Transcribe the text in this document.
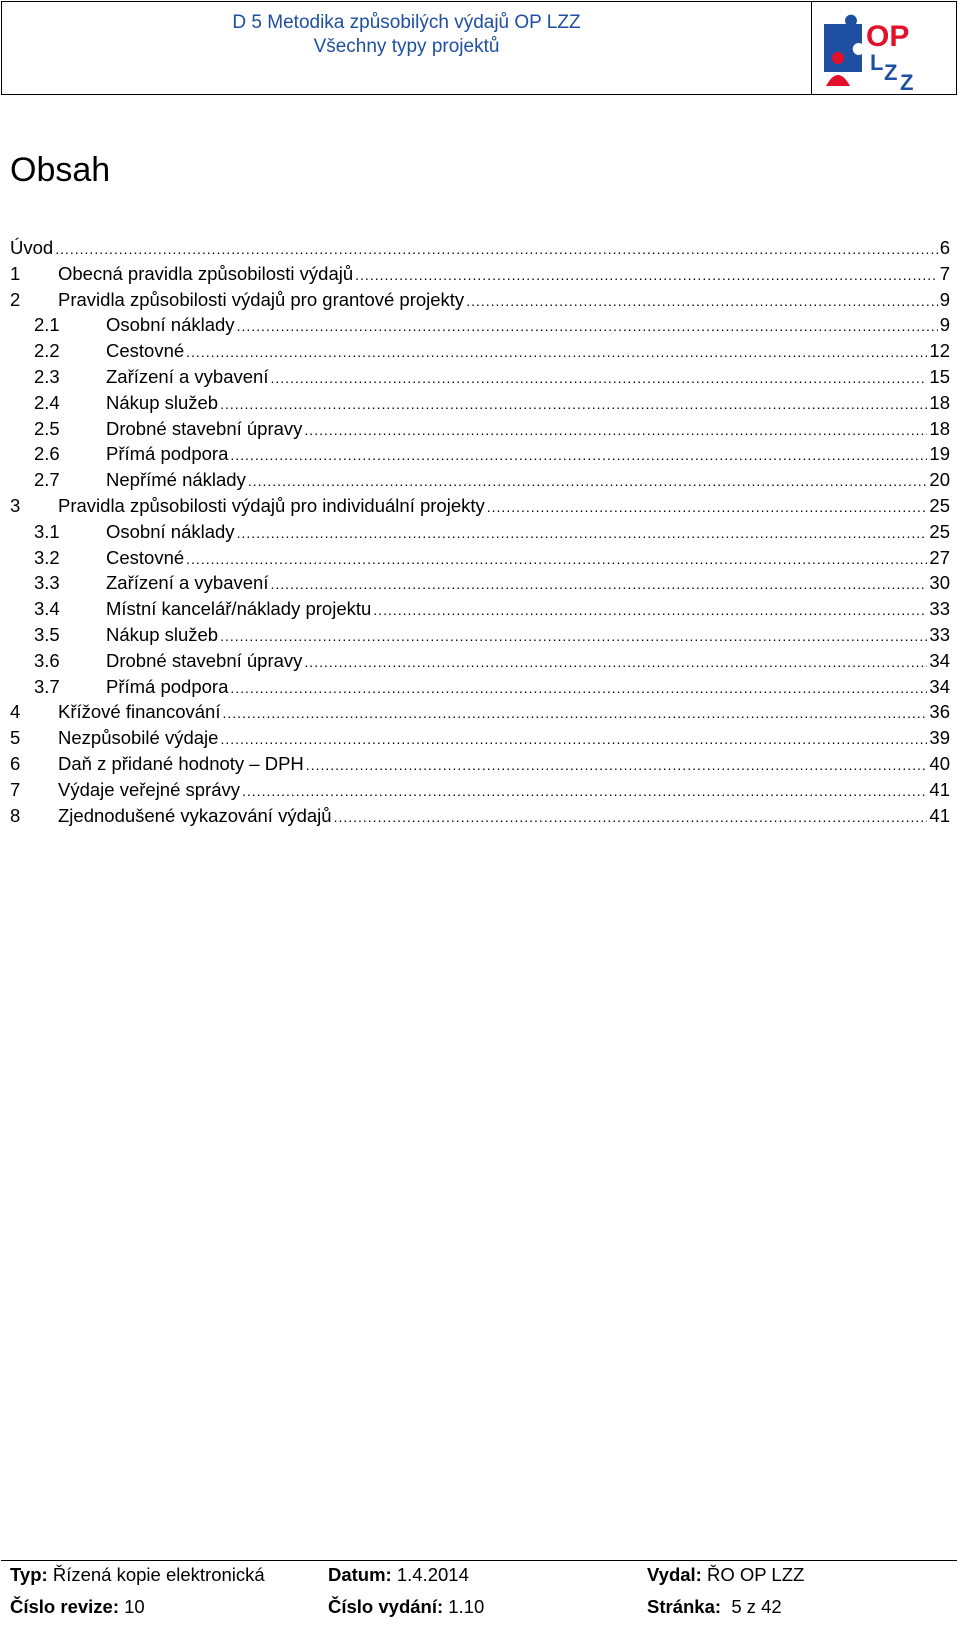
D 5 Metodika způsobilých výdajů OP LZZ
Všechny typy projektů	OP
L Z Z
Obsah
Úvod .....	6
1	Obecná pravidla způsobilosti výdajů .....	7
2	Pravidla způsobilosti výdajů pro grantové projekty .....	9
2.1	Osobní náklady .....	9
2.2	Cestovné .....	12
2.3	Zařízení a vybavení .....	15
2.4	Nákup služeb .....	18
2.5	Drobné stavební úpravy .....	18
2.6	Přímá podpora .....	19
2.7	Nepřímé náklady .....	20
3	Pravidla způsobilosti výdajů pro individuální projekty .....	25
3.1	Osobní náklady .....	25
3.2	Cestovné .....	27
3.3	Zařízení a vybavení .....	30
3.4	Místní kancelář/náklady projektu .....	33
3.5	Nákup služeb .....	33
3.6	Drobné stavební úpravy .....	34
3.7	Přímá podpora .....	34
4	Křížové financování .....	36
5	Nezpůsobilé výdaje .....	39
6	Daň z přidané hodnoty – DPH .....	40
7	Výdaje veřejné správy .....	41
8	Zjednodušené vykazování výdajů .....	41
Typ: Řízená kopie elektronická	Datum: 1.4.2014	Vydal: ŘO OP LZZ
Číslo revize: 10	Číslo vydání: 1.10	Stránka: 5 z 42
